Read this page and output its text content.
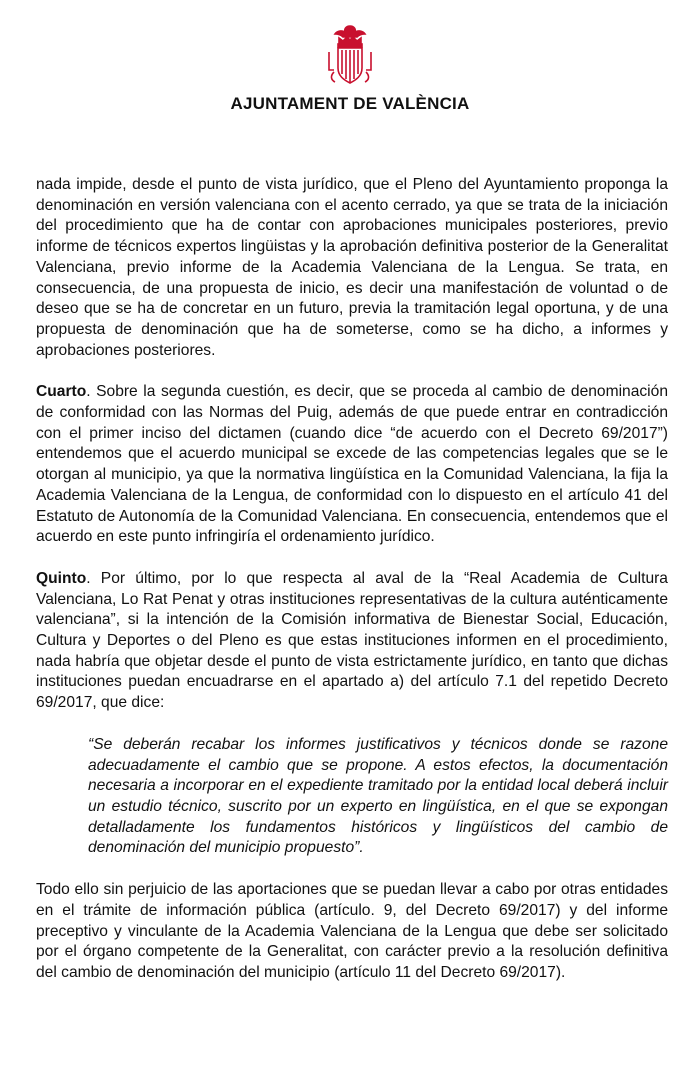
AJUNTAMENT DE VALÈNCIA

nada impide, desde el punto de vista jurídico, que el Pleno del Ayuntamiento proponga la denominación en versión valenciana con el acento cerrado, ya que se trata de la iniciación del procedimiento que ha de contar con aprobaciones municipales posteriores, previo informe de técnicos expertos lingüistas y la aprobación definitiva posterior de la Generalitat Valenciana, previo informe de la Academia Valenciana de la Lengua. Se trata, en consecuencia, de una propuesta de inicio, es decir una manifestación de voluntad o de deseo que se ha de concretar en un futuro, previa la tramitación legal oportuna, y de una propuesta de denominación que ha de someterse, como se ha dicho, a informes y aprobaciones posteriores.

Cuarto. Sobre la segunda cuestión, es decir, que se proceda al cambio de denominación de conformidad con las Normas del Puig, además de que puede entrar en contradicción con el primer inciso del dictamen (cuando dice “de acuerdo con el Decreto 69/2017”) entendemos que el acuerdo municipal se excede de las competencias legales que se le otorgan al municipio, ya que la normativa lingüística en la Comunidad Valenciana, la fija la Academia Valenciana de la Lengua, de conformidad con lo dispuesto en el artículo 41 del Estatuto de Autonomía de la Comunidad Valenciana. En consecuencia, entendemos que el acuerdo en este punto infringiría el ordenamiento jurídico.

Quinto. Por último, por lo que respecta al aval de la “Real Academia de Cultura Valenciana, Lo Rat Penat y otras instituciones representativas de la cultura auténticamente valenciana”, si la intención de la Comisión informativa de Bienestar Social, Educación, Cultura y Deportes o del Pleno es que estas instituciones informen en el procedimiento, nada habría que objetar desde el punto de vista estrictamente jurídico, en tanto que dichas instituciones puedan encuadrarse en el apartado a) del artículo 7.1 del repetido Decreto 69/2017, que dice:

“Se deberán recabar los informes justificativos y técnicos donde se razone adecuadamente el cambio que se propone. A estos efectos, la documentación necesaria a incorporar en el expediente tramitado por la entidad local deberá incluir un estudio técnico, suscrito por un experto en lingüística, en el que se expongan detalladamente los fundamentos históricos y lingüísticos del cambio de denominación del municipio propuesto”.

Todo ello sin perjuicio de las aportaciones que se puedan llevar a cabo por otras entidades en el trámite de información pública (artículo. 9, del Decreto 69/2017) y del informe preceptivo y vinculante de la Academia Valenciana de la Lengua que debe ser solicitado por el órgano competente de la Generalitat, con carácter previo a la resolución definitiva del cambio de denominación del municipio (artículo 11 del Decreto 69/2017).
